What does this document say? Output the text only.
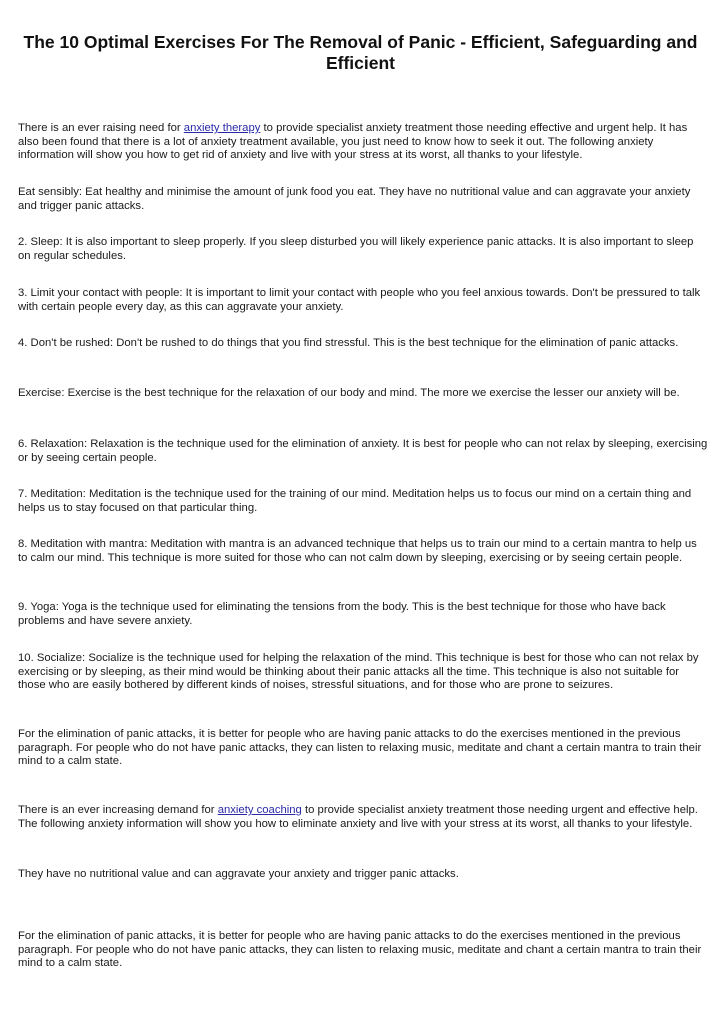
The 10 Optimal Exercises For The Removal of Panic - Efficient, Safeguarding and Efficient

There is an ever raising need for anxiety therapy to provide specialist anxiety treatment those needing effective and urgent help. It has also been found that there is a lot of anxiety treatment available, you just need to know how to seek it out. The following anxiety information will show you how to get rid of anxiety and live with your stress at its worst, all thanks to your lifestyle.

Eat sensibly: Eat healthy and minimise the amount of junk food you eat. They have no nutritional value and can aggravate your anxiety and trigger panic attacks.

2. Sleep: It is also important to sleep properly. If you sleep disturbed you will likely experience panic attacks. It is also important to sleep on regular schedules.

3. Limit your contact with people: It is important to limit your contact with people who you feel anxious towards. Don't be pressured to talk with certain people every day, as this can aggravate your anxiety.

4. Don't be rushed: Don't be rushed to do things that you find stressful. This is the best technique for the elimination of panic attacks.

Exercise: Exercise is the best technique for the relaxation of our body and mind. The more we exercise the lesser our anxiety will be.

6. Relaxation: Relaxation is the technique used for the elimination of anxiety. It is best for people who can not relax by sleeping, exercising or by seeing certain people.

7. Meditation: Meditation is the technique used for the training of our mind. Meditation helps us to focus our mind on a certain thing and helps us to stay focused on that particular thing.

8. Meditation with mantra: Meditation with mantra is an advanced technique that helps us to train our mind to a certain mantra to help us to calm our mind. This technique is more suited for those who can not calm down by sleeping, exercising or by seeing certain people.

9. Yoga: Yoga is the technique used for eliminating the tensions from the body. This is the best technique for those who have back problems and have severe anxiety.

10. Socialize: Socialize is the technique used for helping the relaxation of the mind. This technique is best for those who can not relax by exercising or by sleeping, as their mind would be thinking about their panic attacks all the time. This technique is also not suitable for those who are easily bothered by different kinds of noises, stressful situations, and for those who are prone to seizures.

For the elimination of panic attacks, it is better for people who are having panic attacks to do the exercises mentioned in the previous paragraph. For people who do not have panic attacks, they can listen to relaxing music, meditate and chant a certain mantra to train their mind to a calm state.

There is an ever increasing demand for anxiety coaching to provide specialist anxiety treatment those needing urgent and effective help. The following anxiety information will show you how to eliminate anxiety and live with your stress at its worst, all thanks to your lifestyle.

They have no nutritional value and can aggravate your anxiety and trigger panic attacks.

For the elimination of panic attacks, it is better for people who are having panic attacks to do the exercises mentioned in the previous paragraph. For people who do not have panic attacks, they can listen to relaxing music, meditate and chant a certain mantra to train their mind to a calm state.
